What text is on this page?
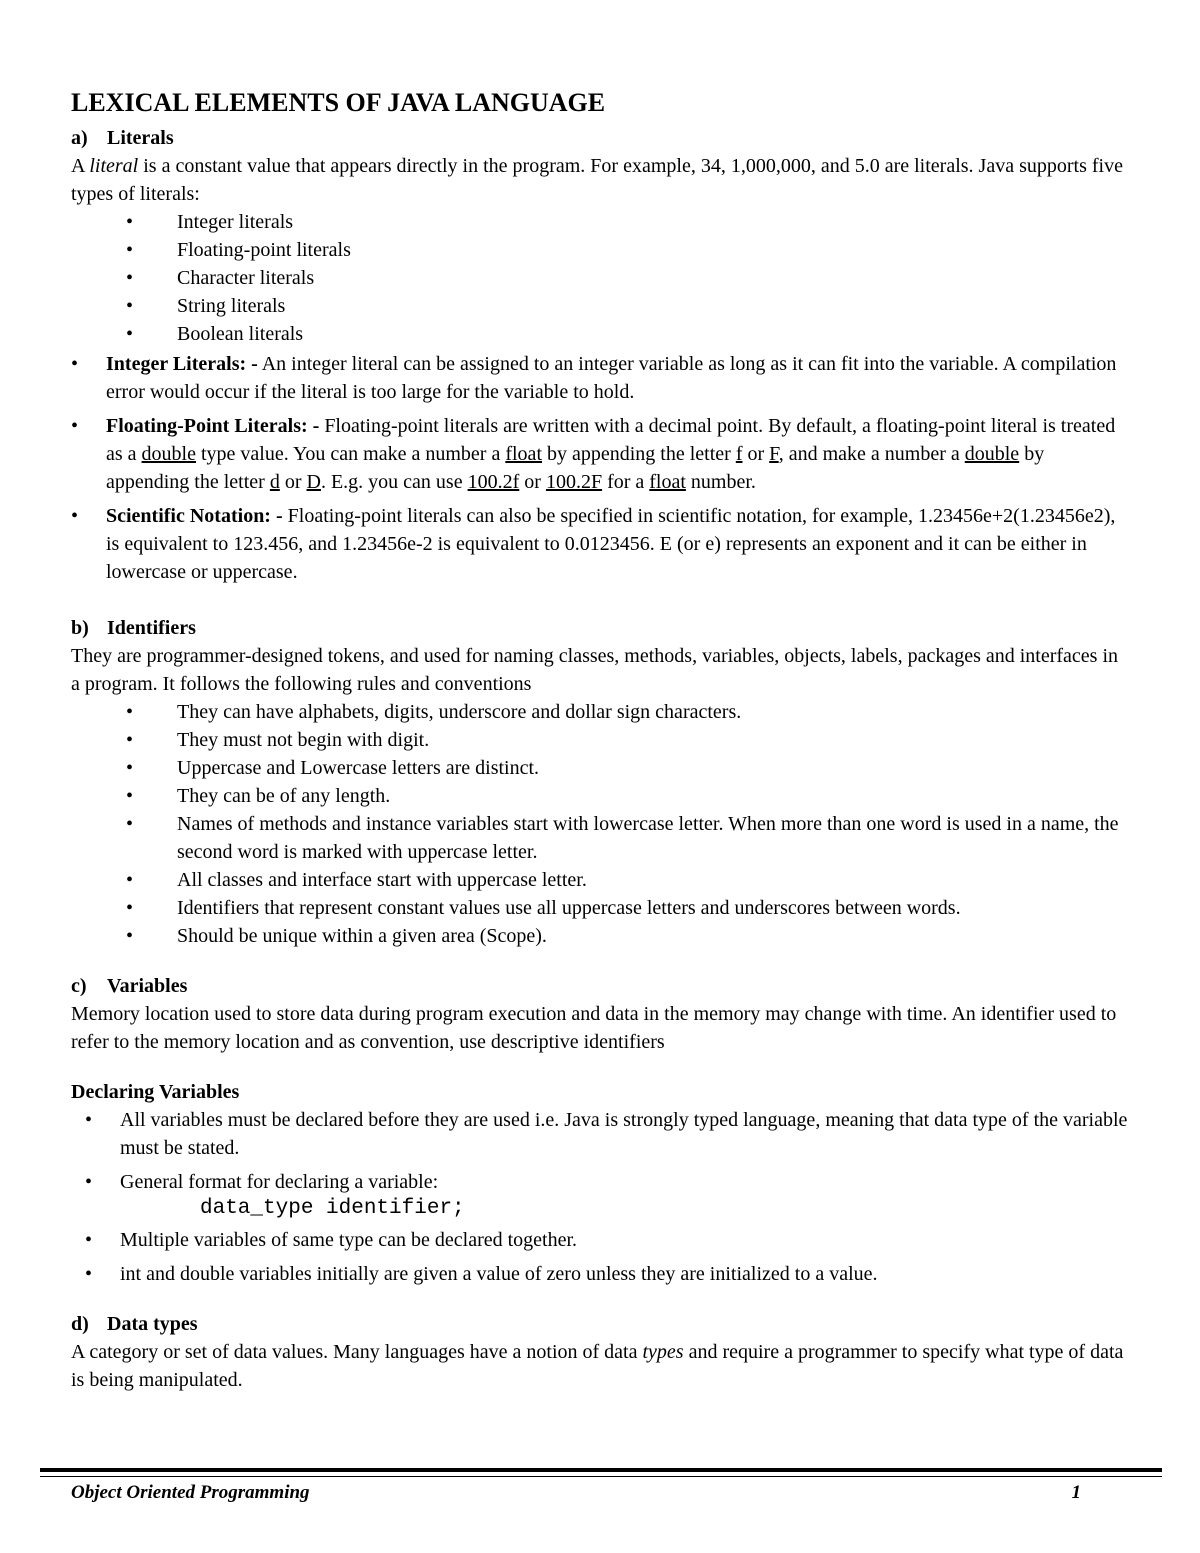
LEXICAL ELEMENTS OF JAVA LANGUAGE

a) Literals

A literal is a constant value that appears directly in the program. For example, 34, 1,000,000, and 5.0 are literals. Java supports five types of literals:

• Integer literals
• Floating-point literals
• Character literals
• String literals
• Boolean literals
• Integer Literals: - An integer literal can be assigned to an integer variable as long as it can fit into the variable. A compilation error would occur if the literal is too large for the variable to hold.
• Floating-Point Literals: - Floating-point literals are written with a decimal point. By default, a floating-point literal is treated as a double type value. You can make a number a float by appending the letter f or F, and make a number a double by appending the letter d or D. E.g. you can use 100.2f or 100.2F for a float number.
• Scientific Notation: - Floating-point literals can also be specified in scientific notation, for example, 1.23456e+2(1.23456e2), is equivalent to 123.456, and 1.23456e-2 is equivalent to 0.0123456. E (or e) represents an exponent and it can be either in lowercase or uppercase.

b) Identifiers

They are programmer-designed tokens, and used for naming classes, methods, variables, objects, labels, packages and interfaces in a program. It follows the following rules and conventions

• They can have alphabets, digits, underscore and dollar sign characters.
• They must not begin with digit.
• Uppercase and Lowercase letters are distinct.
• They can be of any length.
• Names of methods and instance variables start with lowercase letter. When more than one word is used in a name, the second word is marked with uppercase letter.
• All classes and interface start with uppercase letter.
• Identifiers that represent constant values use all uppercase letters and underscores between words.
• Should be unique within a given area (Scope).

c) Variables

Memory location used to store data during program execution and data in the memory may change with time. An identifier used to refer to the memory location and as convention, use descriptive identifiers

Declaring Variables

• All variables must be declared before they are used i.e. Java is strongly typed language, meaning that data type of the variable must be stated.
• General format for declaring a variable:
data_type identifier;
• Multiple variables of same type can be declared together.
• int and double variables initially are given a value of zero unless they are initialized to a value.

d) Data types

A category or set of data values. Many languages have a notion of data types and require a programmer to specify what type of data is being manipulated.

Object Oriented Programming	1
